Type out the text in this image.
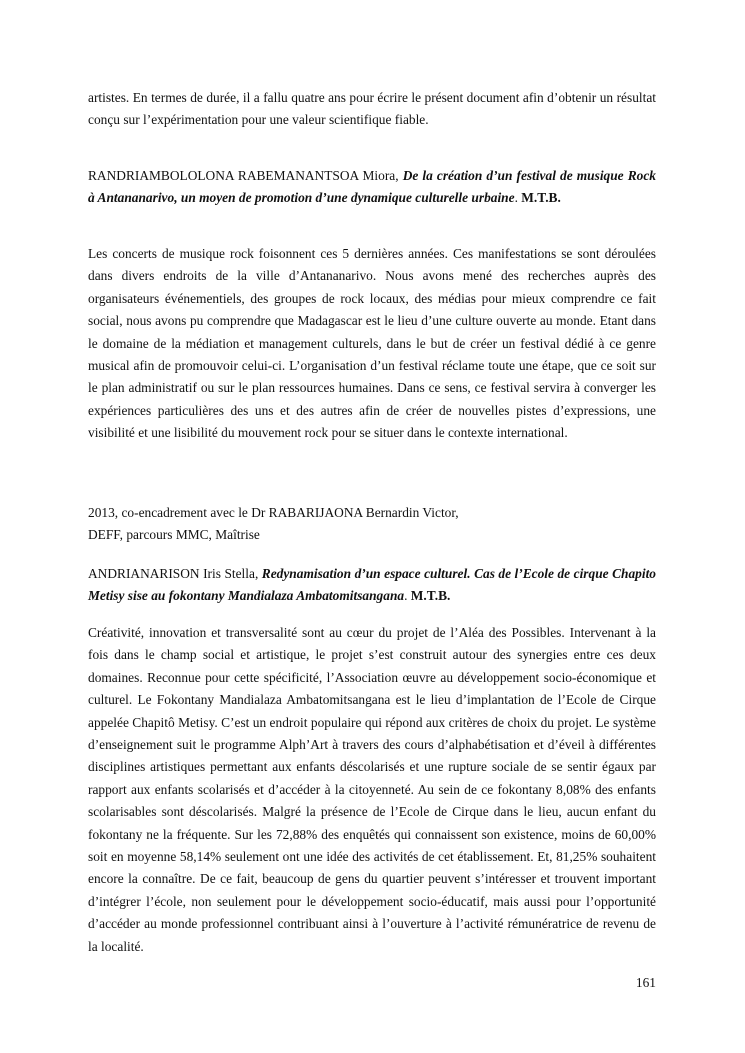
artistes. En termes de durée, il a fallu quatre ans pour écrire le présent document afin d’obtenir un résultat conçu sur l’expérimentation pour une valeur scientifique fiable.

RANDRIAMBOLOLONA RABEMANANTSOA Miora, De la création d’un festival de musique Rock à Antananarivo, un moyen de promotion d’une dynamique culturelle urbaine. M.T.B.

Les concerts de musique rock foisonnent ces 5 dernières années. Ces manifestations se sont déroulées dans divers endroits de la ville d’Antananarivo. Nous avons mené des recherches auprès des organisateurs événementiels, des groupes de rock locaux, des médias pour mieux comprendre ce fait social, nous avons pu comprendre que Madagascar est le lieu d’une culture ouverte au monde. Etant dans le domaine de la médiation et management culturels, dans le but de créer un festival dédié à ce genre musical afin de promouvoir celui-ci. L’organisation d’un festival réclame toute une étape, que ce soit sur le plan administratif ou sur le plan ressources humaines. Dans ce sens, ce festival servira à converger les expériences particulières des uns et des autres afin de créer de nouvelles pistes d’expressions, une visibilité et une lisibilité du mouvement rock pour se situer dans le contexte international.

2013, co-encadrement avec le Dr RABARIJAONA Bernardin Victor,

DEFF, parcours MMC, Maîtrise

ANDRIANARISON Iris Stella, Redynamisation d’un espace culturel. Cas de l’Ecole de cirque Chapito Metisy sise au fokontany Mandialaza Ambatomitsangana. M.T.B.

Créativité, innovation et transversalité sont au cœur du projet de l’Aléa des Possibles. Intervenant à la fois dans le champ social et artistique, le projet s’est construit autour des synergies entre ces deux domaines. Reconnue pour cette spécificité, l’Association œuvre au développement socio-économique et culturel. Le Fokontany Mandialaza Ambatomitsangana est le lieu d’implantation de l’Ecole de Cirque appelée Chapitô Metisy. C’est un endroit populaire qui répond aux critères de choix du projet. Le système d’enseignement suit le programme Alph’Art à travers des cours d’alphabétisation et d’éveil à différentes disciplines artistiques permettant aux enfants déscolarisés et une rupture sociale de se sentir égaux par rapport aux enfants scolarisés et d’accéder à la citoyenneté. Au sein de ce fokontany 8,08% des enfants scolarisables sont déscolarisés. Malgré la présence de l’Ecole de Cirque dans le lieu, aucun enfant du fokontany ne la fréquente. Sur les 72,88% des enquêtés qui connaissent son existence, moins de 60,00% soit en moyenne 58,14% seulement ont une idée des activités de cet établissement. Et, 81,25% souhaitent encore la connaître. De ce fait, beaucoup de gens du quartier peuvent s’intéresser et trouvent important d’intégrer l’école, non seulement pour le développement socio-éducatif, mais aussi pour l’opportunité d’accéder au monde professionnel contribuant ainsi à l’ouverture à l’activité rémunératrice de revenu de la localité.

161
